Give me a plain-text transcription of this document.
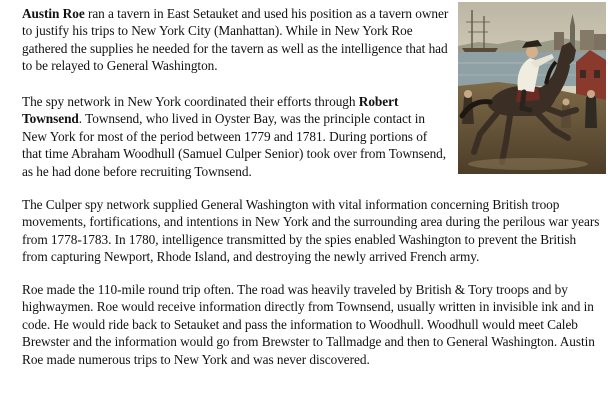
Austin Roe ran a tavern in East Setauket and used his position as a tavern owner to justify his trips to New York City (Manhattan). While in New York Roe gathered the supplies he needed for the tavern as well as the intelligence that had to be relayed to General Washington.

The spy network in New York coordinated their efforts through Robert Townsend. Townsend, who lived in Oyster Bay, was the principle contact in New York for most of the period between 1779 and 1781. During portions of that time Abraham Woodhull (Samuel Culper Senior) took over from Townsend, as he had done before recruiting Townsend.

The Culper spy network supplied General Washington with vital information concerning British troop movements, fortifications, and intentions in New York and the surrounding area during the perilous war years from 1778-1783. In 1780, intelligence transmitted by the spies enabled Washington to prevent the British from capturing Newport, Rhode Island, and destroying the newly arrived French army.

Roe made the 110-mile round trip often. The road was heavily traveled by British & Tory troops and by highwaymen. Roe would receive information directly from Townsend, usually written in invisible ink and in code. He would ride back to Setauket and pass the information to Woodhull. Woodhull would meet Caleb Brewster and the information would go from Brewster to Tallmadge and then to General Washington. Austin Roe made numerous trips to New York and was never discovered.
